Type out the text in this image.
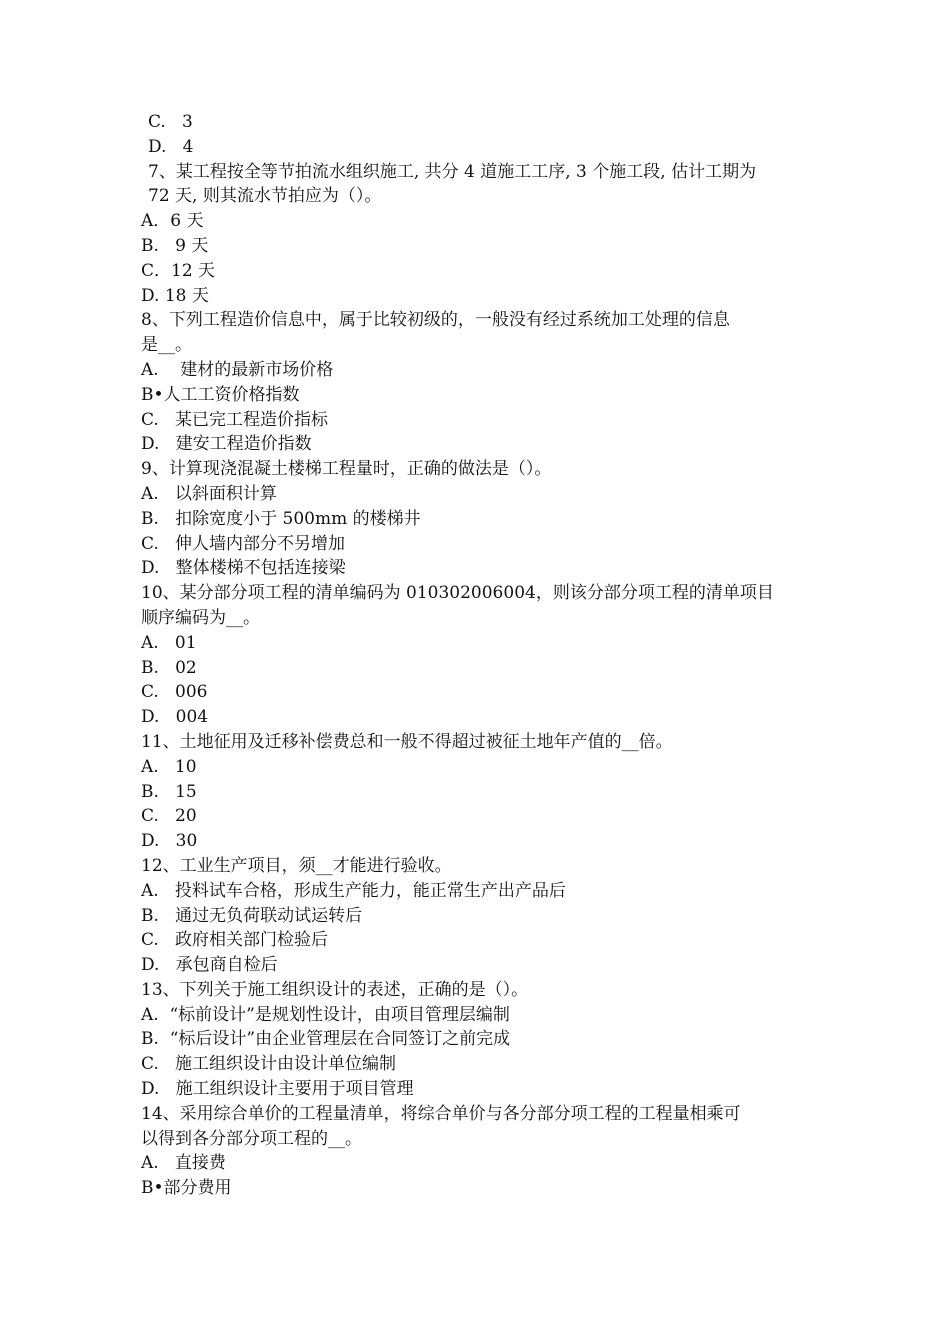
C.   3
D.   4
7、某工程按全等节拍流水组织施工, 共分 4 道施工工序, 3 个施工段, 估计工期为
72 天, 则其流水节拍应为（）。
A．6 天
B.   9 天
C．12 天
D. 18 天
8、下列工程造价信息中，属于比较初级的，一般没有经过系统加工处理的信息
是__。
A.    建材的最新市场价格
B•人工工资价格指数
C.   某已完工程造价指标
D.   建安工程造价指数
9、计算现浇混凝土楼梯工程量时，正确的做法是（）。
A.   以斜面积计算
B.   扣除宽度小于 500mm 的楼梯井
C.   伸人墙内部分不另增加
D.   整体楼梯不包括连接梁
10、某分部分项工程的清单编码为 010302006004，则该分部分项工程的清单项目
顺序编码为__。
A.   01
B.   02
C.   006
D.   004
11、土地征用及迁移补偿费总和一般不得超过被征土地年产值的__倍。
A.   10
B.   15
C.   20
D.   30
12、工业生产项目，须__才能进行验收。
A.   投料试车合格，形成生产能力，能正常生产出产品后
B.   通过无负荷联动试运转后
C.   政府相关部门检验后
D.   承包商自检后
13、下列关于施工组织设计的表述，正确的是（）。
A.  “标前设计”是规划性设计，由项目管理层编制
B.  “标后设计”由企业管理层在合同签订之前完成
C.   施工组织设计由设计单位编制
D.   施工组织设计主要用于项目管理
14、采用综合单价的工程量清单，将综合单价与各分部分项工程的工程量相乘可
以得到各分部分项工程的__。
A.   直接费
B•部分费用
